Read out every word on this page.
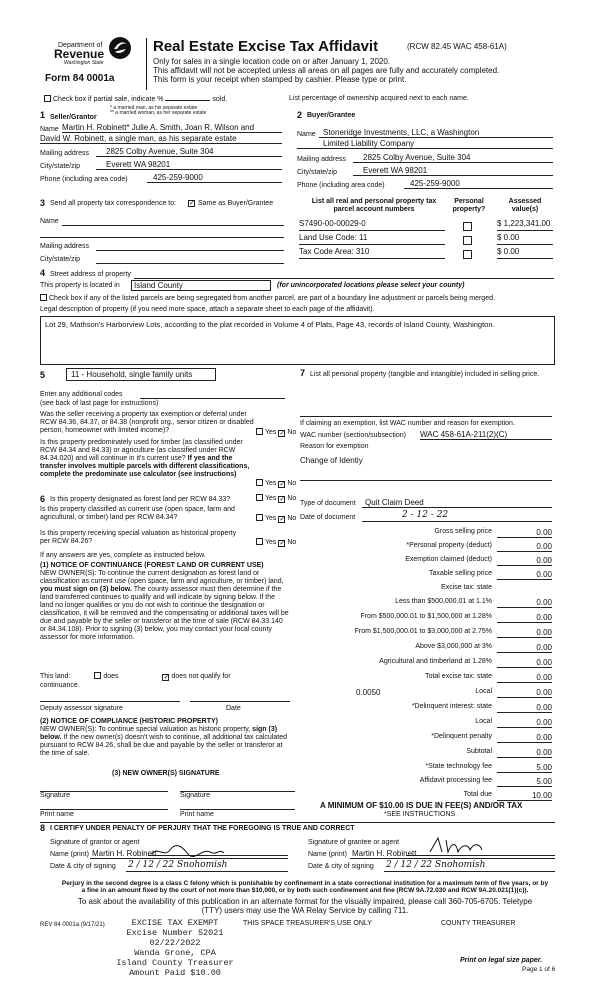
Department of
Revenue
Washington State
Form 84 0001a
Real Estate Excise Tax Affidavit	(RCW 82.45 WAC 458-61A)
Only for sales in a single location code on or after January 1, 2020.
This affidavit will not be accepted unless all areas on all pages are fully and accurately completed.
This form is your receipt when stamped by cashier. Please type or print.
Check box if partial sale, indicate %	sold.	List percentage of ownership acquired next to each name.
1 Seller/Grantor
* a married man, as his separate estate
** a married woman, as her separate estate
Name Martin H. Robinett* Julie A. Smith, Joan R. Wilson and
David W. Robinett, a single man, as his separate estate
Mailing address	2825 Colby Avenue, Suite 304
City/state/zip	Everett WA 98201
Phone (including area code)	425-259-9000
2 Buyer/Grantee
Name Stoneridge Investments, LLC, a Washington
Limited Liability Company
Mailing address	2825 Colby Avenue, Suite 304
City/state/zip	Everett WA 98201
Phone (including area code)	425-259-9000
3 Send all property tax correspondence to: ✓ Same as Buyer/Grantee
Name
Mailing address
City/state/zip
List all real and personal property tax parcel account numbers
Personal property?
Assessed value(s)
S7490-00-00029-0	$ 1,223,341.00
Land Use Code: 11	$ 0.00
Tax Code Area: 310	$ 0.00
4 Street address of property
This property is located in	Island County	(for unincorporated locations please select your county)
Check box if any of the listed parcels are being segregated from another parcel, are part of a boundary line adjustment or parcels being merged.
Legal description of property (if you need more space, attach a separate sheet to each page of the affidavit).
Lot 29, Mathson's Harborview Lots, according to the plat recorded in Volume 4 of Plats, Page 43, records of Island County, Washington.
5	11 - Household, single family units
Enter any additional codes
(see back of last page for instructions)
Was the seller receiving a property tax exemption or deferral under RCW 84.36, 84.37, or 84.38 (nonprofit org., senior citizen or disabled person, homeowner with limited income)?	Yes ✓ No
Is this property predominately used for timber (as classified under RCW 84.34 and 84.33) or agriculture (as classified under RCW 84.34.020) and will continue in it's current use? If yes and the transfer involves multiple parcels with different classifications, complete the predominate use calculator (see instructions)
Yes ✓ No
6 Is this property designated as forest land per RCW 84.33?	Yes ✓ No
Is this property classified as current use (open space, farm and agricultural, or timber) land per RCW 84.34?	Yes ✓ No
Is this property receiving special valuation as historical property per RCW 84.26?	Yes ✓ No
If any answers are yes, complete as instructed below.
(1) NOTICE OF CONTINUANCE (FOREST LAND OR CURRENT USE)
NEW OWNER(S): To continue the current designation as forest land or classification as current use (open space, farm and agriculture, or timber) land, you must sign on (3) below. The county assessor must then determine if the land transferred continues to qualify and will indicate by signing below. If the land no longer qualifies or you do not wish to continue the designation or classification, it will be removed and the compensating or additional taxes will be due and payable by the seller or transferor at the time of sale (RCW 84.33.140 or 84.34.108). Prior to signing (3) below, you may contact your local county assessor for more information.
This land:	does	✓ does not qualify for
continuance.
Deputy assessor signature	Date
(2) NOTICE OF COMPLIANCE (HISTORIC PROPERTY)
NEW OWNER(S): To continue special valuation as historic property, sign (3) below. If the new owner(s) doesn't wish to continue, all additional tax calculated pursuant to RCW 84.26, shall be due and payable by the seller or transferor at the time of sale.
(3) NEW OWNER(S) SIGNATURE
Signature	Signature
Print name	Print name
7 List all personal property (tangible and intangible) included in selling price.
If claiming an exemption, list WAC number and reason for exemption.
WAC number (section/subsection) WAC 458-61A-211(2)(C)
Reason for exemption
Change of Identiy
Type of document	Quit Claim Deed
Date of document	2 - 12 - 22
Gross selling price	0.00
*Personal property (deduct)	0.00
Exemption claimed (deduct)	0.00
Taxable selling price	0.00
Excise tax: state
Less than $500,000.01 at 1.1%	0.00
From $500,000.01 to $1,500,000 at 1.28%	0.00
From $1,500,000.01 to $3,000,000 at 2.75%	0.00
Above $3,000,000 at 3%	0.00
Agricultural and timberland at 1.28%	0.00
Total excise tax: state	0.00
0.0050	Local	0.00
*Delinquent interest: state	0.00
Local	0.00
*Delinquent penalty	0.00
Subtotal	0.00
*State technology fee	5.00
Affidavit processing fee	5.00
Total due	10.00
A MINIMUM OF $10.00 IS DUE IN FEE(S) AND/OR TAX
*SEE INSTRUCTIONS
8 I CERTIFY UNDER PENALTY OF PERJURY THAT THE FOREGOING IS TRUE AND CORRECT
Signature of grantor or agent
Name (print) Martin H. Robinett
Date & city of signing 2 / 12 / 22 Snohomish
Signature of grantee or agent
Name (print) Martin H. Robinett
Date & city of signing 2 / 12 / 22 Snohomish
Perjury in the second degree is a class C felony which is punishable by confinement in a state correctional institution for a maximum term of five years, or by
a fine in an amount fixed by the court of not more than $10,000, or by both such confinement and fine (RCW 9A.72.030 and RCW 9A.20.021(1)(c)).
To ask about the availability of this publication in an alternate format for the visually impaired, please call 360-705-6705. Teletype
(TTY) users may use the WA Relay Service by calling 711.
REV 84 0001a (9/17/21)	EXCISE TAX EXEMPT
Excise Number 52021
02/22/2022
Wanda Grone, CPA
Island County Treasurer
Amount Paid $10.00
THIS SPACE TREASURER'S USE ONLY	COUNTY TREASURER
Print on legal size paper.
Page 1 of 6
